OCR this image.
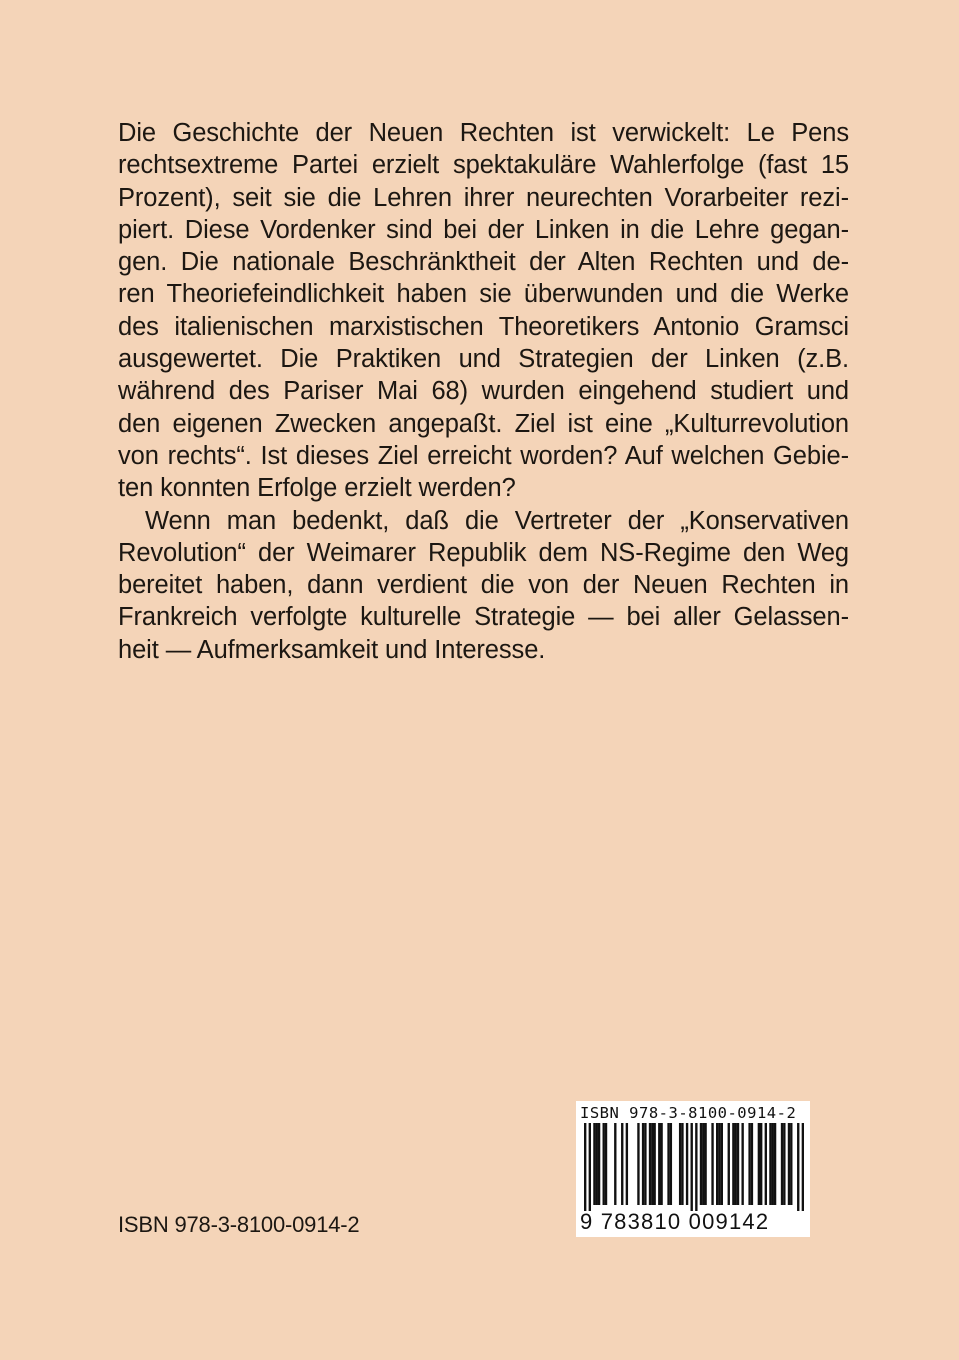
Die Geschichte der Neuen Rechten ist verwickelt: Le Pens
rechtsextreme Partei erzielt spektakuläre Wahlerfolge (fast 15
Prozent), seit sie die Lehren ihrer neurechten Vorarbeiter rezi-
piert. Diese Vordenker sind bei der Linken in die Lehre gegan-
gen. Die nationale Beschränktheit der Alten Rechten und de-
ren Theoriefeindlichkeit haben sie überwunden und die Werke
des italienischen marxistischen Theoretikers Antonio Gramsci
ausgewertet. Die Praktiken und Strategien der Linken (z.B.
während des Pariser Mai 68) wurden eingehend studiert und
den eigenen Zwecken angepaßt. Ziel ist eine „Kulturrevolution
von rechts“. Ist dieses Ziel erreicht worden? Auf welchen Gebie-
ten konnten Erfolge erzielt werden?

Wenn man bedenkt, daß die Vertreter der „Konservativen
Revolution“ der Weimarer Republik dem NS-Regime den Weg
bereitet haben, dann verdient die von der Neuen Rechten in
Frankreich verfolgte kulturelle Strategie — bei aller Gelassen-
heit — Aufmerksamkeit und Interesse.

ISBN 978-3-8100-0914-2
ISBN 978-3-8100-0914-2
9 783810 009142
